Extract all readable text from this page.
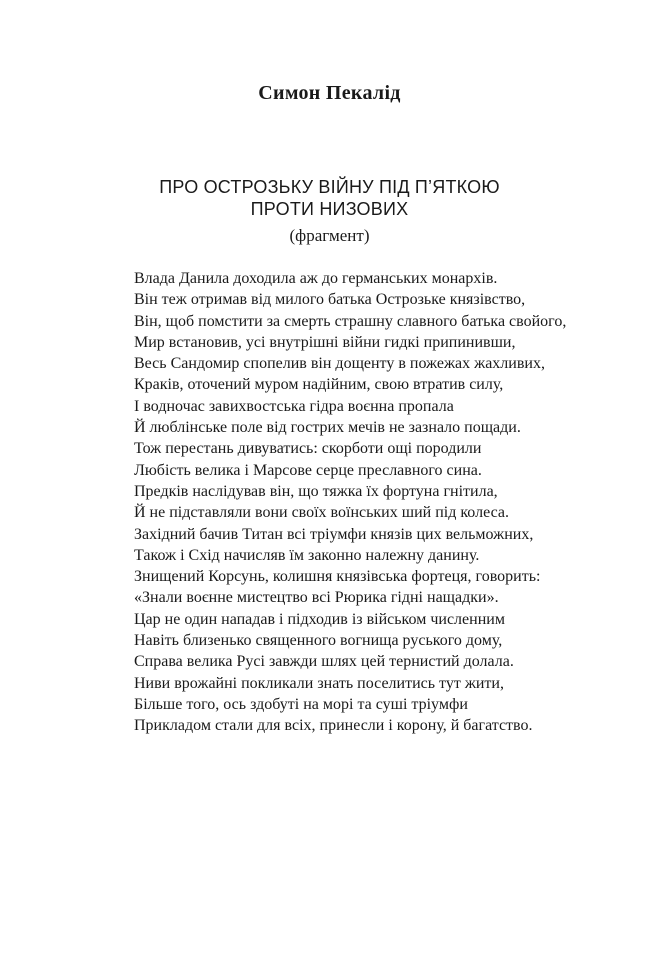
Симон Пекалід
ПРО ОСТРОЗЬКУ ВІЙНУ ПІД П’ЯТКОЮ
ПРОТИ НИЗОВИХ
(фрагмент)
Влада Данила доходила аж до германських монархів.
Він теж отримав від милого батька Острозьке князівство,
Він, щоб помстити за смерть страшну славного батька свойого,
Мир встановив, усі внутрішні війни гидкі припинивши,
Весь Сандомир спопелив він дощенту в пожежах жахливих,
Краків, оточений муром надійним, свою втратив силу,
І водночас завихвостська гідра воєнна пропала
Й люблінське поле від гострих мечів не зазнало пощади.
Тож перестань дивуватись: скорботи ощі породили
Любість велика і Марсове серце преславного сина.
Предків наслідував він, що тяжка їх фортуна гнітила,
Й не підставляли вони своїх воїнських ший під колеса.
Західний бачив Титан всі тріумфи князів цих вельможних,
Також і Схід начисляв їм законно належну данину.
Знищений Корсунь, колишня князівська фортеця, говорить:
«Знали воєнне мистецтво всі Рюрика гідні нащадки».
Цар не один нападав і підходив із військом численним
Навіть близенько священного вогнища руського дому,
Справа велика Русі завжди шлях цей тернистий долала.
Ниви врожайні покликали знать поселитись тут жити,
Більше того, ось здобуті на морі та суші тріумфи
Прикладом стали для всіх, принесли і корону, й багатство.
